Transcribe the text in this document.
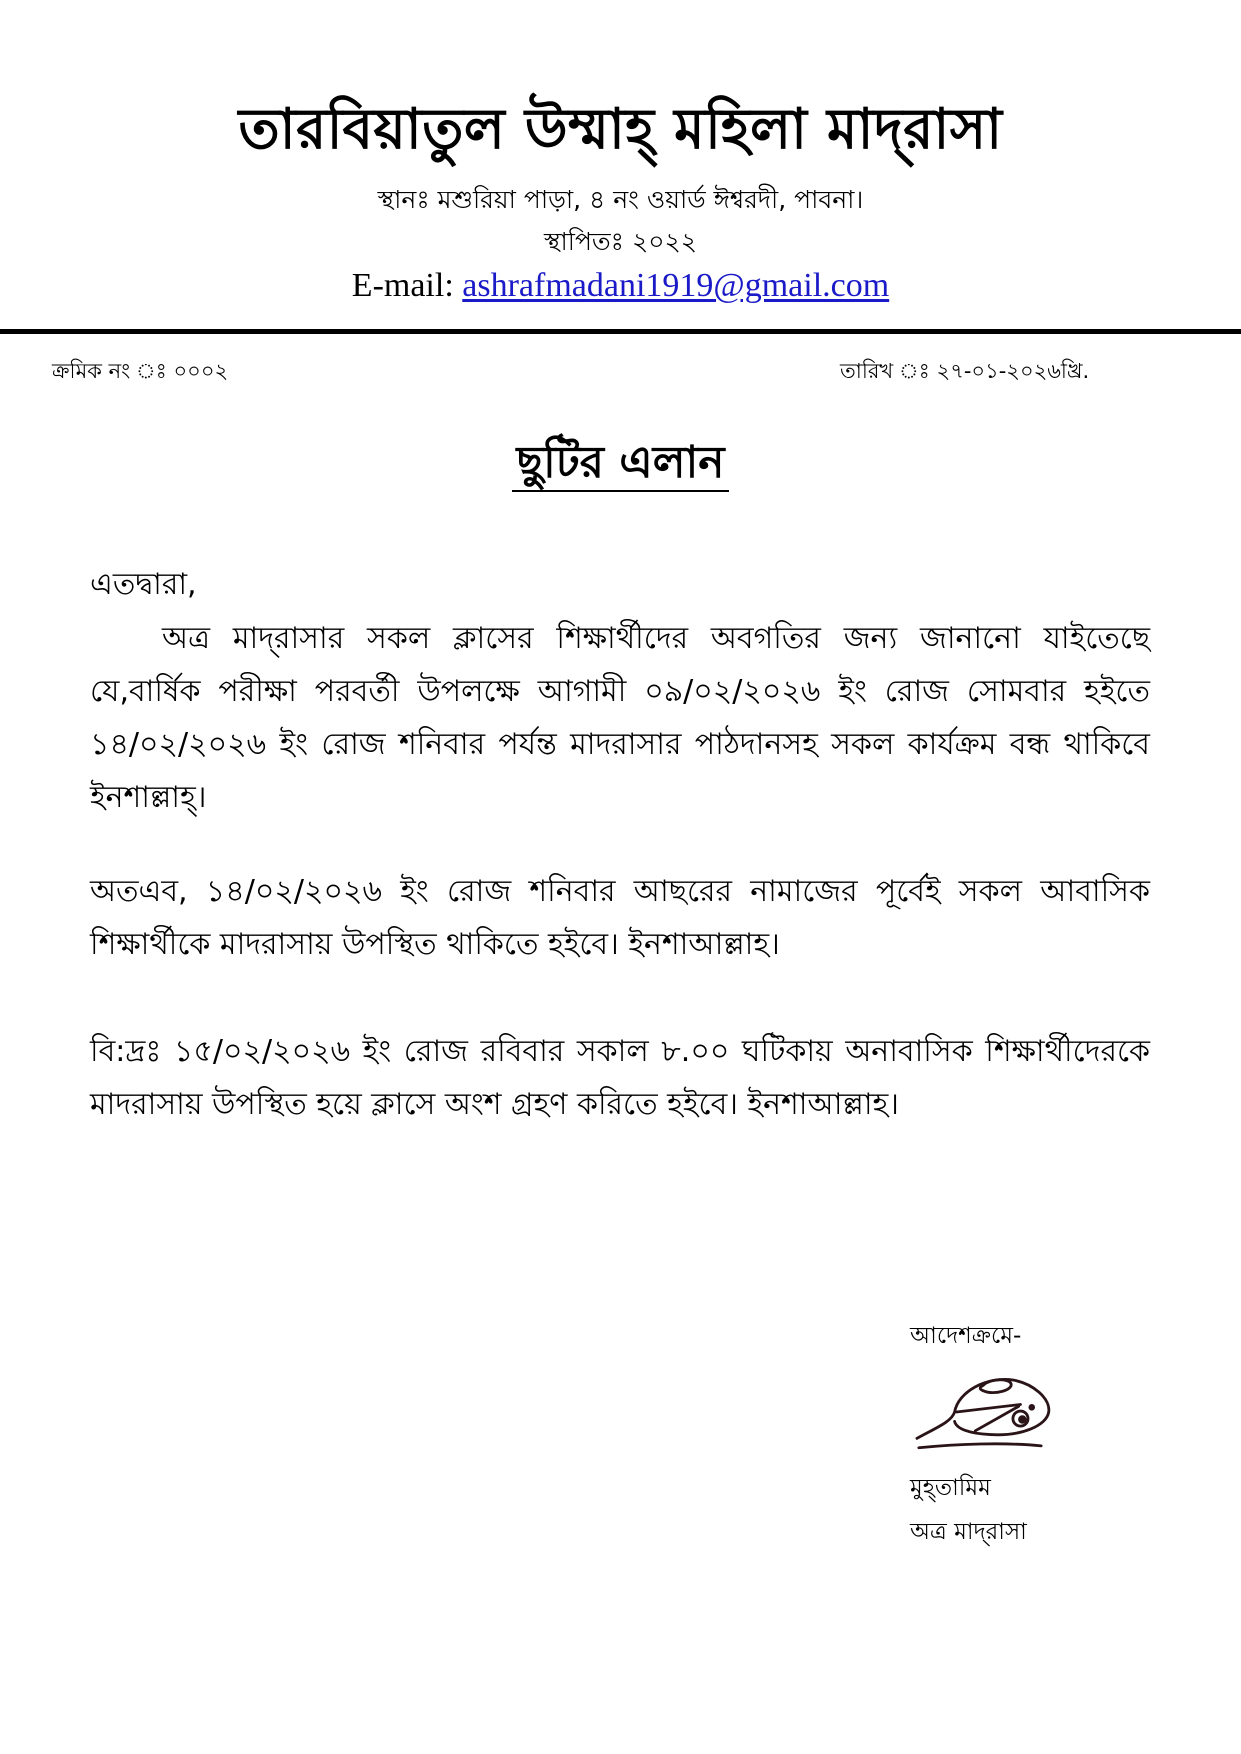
তারবিয়াতুল উম্মাহ্ মহিলা মাদ্‌রাসা
স্থানঃ মশুরিয়া পাড়া, ৪ নং ওয়ার্ড ঈশ্বরদী, পাবনা।
স্থাপিতঃ ২০২২
E-mail: ashrafmadani1919@gmail.com
ক্রমিক নং ঃ ০০০২	তারিখ ঃ ২৭-০১-২০২৬খ্রি.
ছুটির এলান
এতদ্বারা,
অত্র মাদ্‌রাসার সকল ক্লাসের শিক্ষার্থীদের অবগতির জন্য জানানো যাইতেছে যে,বার্ষিক পরীক্ষা পরবর্তী উপলক্ষে আগামী ০৯/০২/২০২৬ ইং রোজ সোমবার হইতে ১৪/০২/২০২৬ ইং রোজ শনিবার পর্যন্ত মাদরাসার পাঠদানসহ সকল কার্যক্রম বন্ধ থাকিবে ইনশাল্লাহ্।
অতএব, ১৪/০২/২০২৬ ইং রোজ শনিবার আছরের নামাজের পূর্বেই সকল আবাসিক শিক্ষার্থীকে মাদরাসায় উপস্থিত থাকিতে হইবে। ইনশাআল্লাহ।
বি:দ্রঃ ১৫/০২/২০২৬ ইং রোজ রবিবার সকাল ৮.০০ ঘটিকায় অনাবাসিক শিক্ষার্থীদেরকে মাদরাসায় উপস্থিত হয়ে ক্লাসে অংশ গ্রহণ করিতে হইবে। ইনশাআল্লাহ।
আদেশক্রমে-
মুহ্‌তামিম
অত্র মাদ্‌রাসা
